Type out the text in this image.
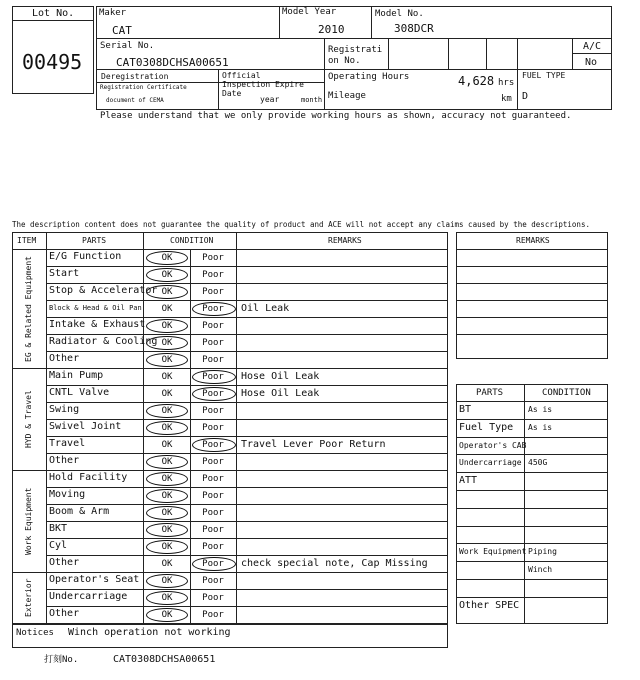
Lot No.
00495
Maker
CAT
Model Year
2010
Model No.
308DCR
Serial No.
CAT0308DCHSA00651
Registrati on No.
A/C
No
Deregistration
Registration Certificate
document of CEMA
Official Inspection Expire Date
year	month
Operating Hours	4,628 hrs
Mileage	km
FUEL TYPE
D
Please understand that we only provide working hours as shown, accuracy not guaranteed.
The description content does not guarantee the quality of product and ACE will not accept any claims caused by the descriptions.
ITEM	PARTS	CONDITION	REMARKS
E/G Function	OK	Poor
Start	OK	Poor
Stop & Accelerator OK	Poor
Block & Head & Oil Pan	OK	Poor	Oil Leak
Intake & Exhaust	OK	Poor
Radiator & Cooling OK	Poor
Other	OK	Poor
EG & Related Equipment
Main Pump	OK	Poor	Hose Oil Leak
CNTL Valve	OK	Poor	Hose Oil Leak
Swing	OK	Poor
Swivel Joint	OK	Poor
Travel	OK	Poor	Travel Lever Poor Return
Other	OK	Poor
HYD & Travel
Hold Facility	OK	Poor
Moving	OK	Poor
Boom & Arm	OK	Poor
BKT	OK	Poor
Cyl	OK	Poor
Other	OK	Poor	check special note, Cap Missing
Work Equipment
Operator's Seat	OK	Poor
Undercarriage	OK	Poor
Other	OK	Poor
Exterior
Notices Winch operation not working
REMARKS
PARTS	CONDITION
BT	As is
Fuel Type As is
Operator's CAB
Undercarriage 450G
ATT
Work Equipment Piping
Winch
Other SPEC
打刻No.	CAT0308DCHSA00651
